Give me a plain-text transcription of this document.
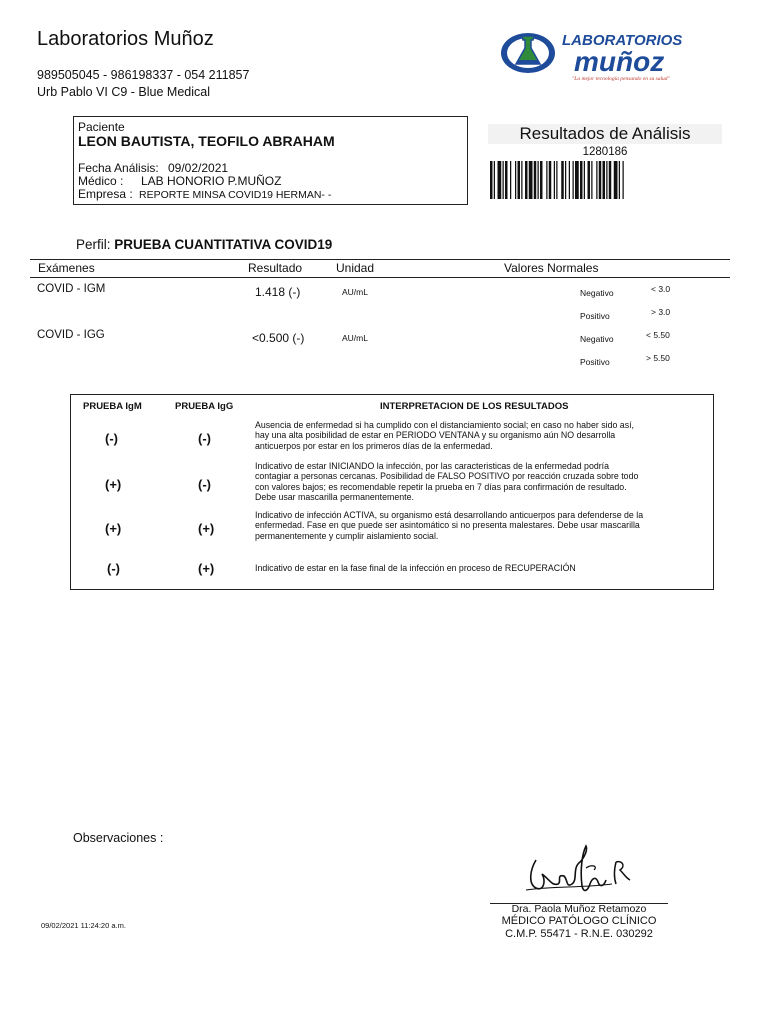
Laboratorios Muñoz
989505045 - 986198337 - 054 211857
Urb Pablo VI C9 - Blue Medical
LABORATORIOS
muñoz
"La mejor tecnología pensando en su salud"
Paciente
LEON BAUTISTA, TEOFILO ABRAHAM
Fecha Análisis: 09/02/2021
Médico : LAB HONORIO P.MUÑOZ
Empresa : REPORTE MINSA COVID19 HERMAN- -
Resultados de Análisis
1280186
Perfil: PRUEBA CUANTITATIVA COVID19
Exámenes	Resultado	Unidad	Valores Normales
COVID - IGM	1.418 (-)	AU/mL	Negativo	< 3.0
Positivo	> 3.0
COVID - IGG	<0.500 (-)	AU/mL	Negativo	< 5.50
Positivo	> 5.50
PRUEBA IgM	PRUEBA IgG	INTERPRETACION DE LOS RESULTADOS
(-)	(-)
Ausencia de enfermedad si ha cumplido con el distanciamiento social; en caso no haber sido así,
hay una alta posibilidad de estar en PERIODO VENTANA y su organismo aún NO desarrolla
anticuerpos por estar en los primeros días de la enfermedad.
(+)	(-)
Indicativo de estar INICIANDO la infección, por las caracteristicas de la enfermedad podría
contagiar a personas cercanas. Posibilidad de FALSO POSITIVO por reacción cruzada sobre todo
con valores bajos; es recomendable repetir la prueba en 7 días para confirmación de resultado.
Debe usar mascarilla permanentemente.
(+)	(+)
Indicativo de infección ACTIVA, su organismo está desarrollando anticuerpos para defenderse de la
enfermedad. Fase en que puede ser asintomático si no presenta malestares. Debe usar mascarilla
permanentemente y cumplir aislamiento social.
(-)	(+)	Indicativo de estar en la fase final de la infección en proceso de RECUPERACIÓN
Observaciones :
09/02/2021 11:24:20 a.m.
Dra. Paola Muñoz Retamozo
MÉDICO PATÓLOGO CLÍNICO
C.M.P. 55471 - R.N.E. 030292
